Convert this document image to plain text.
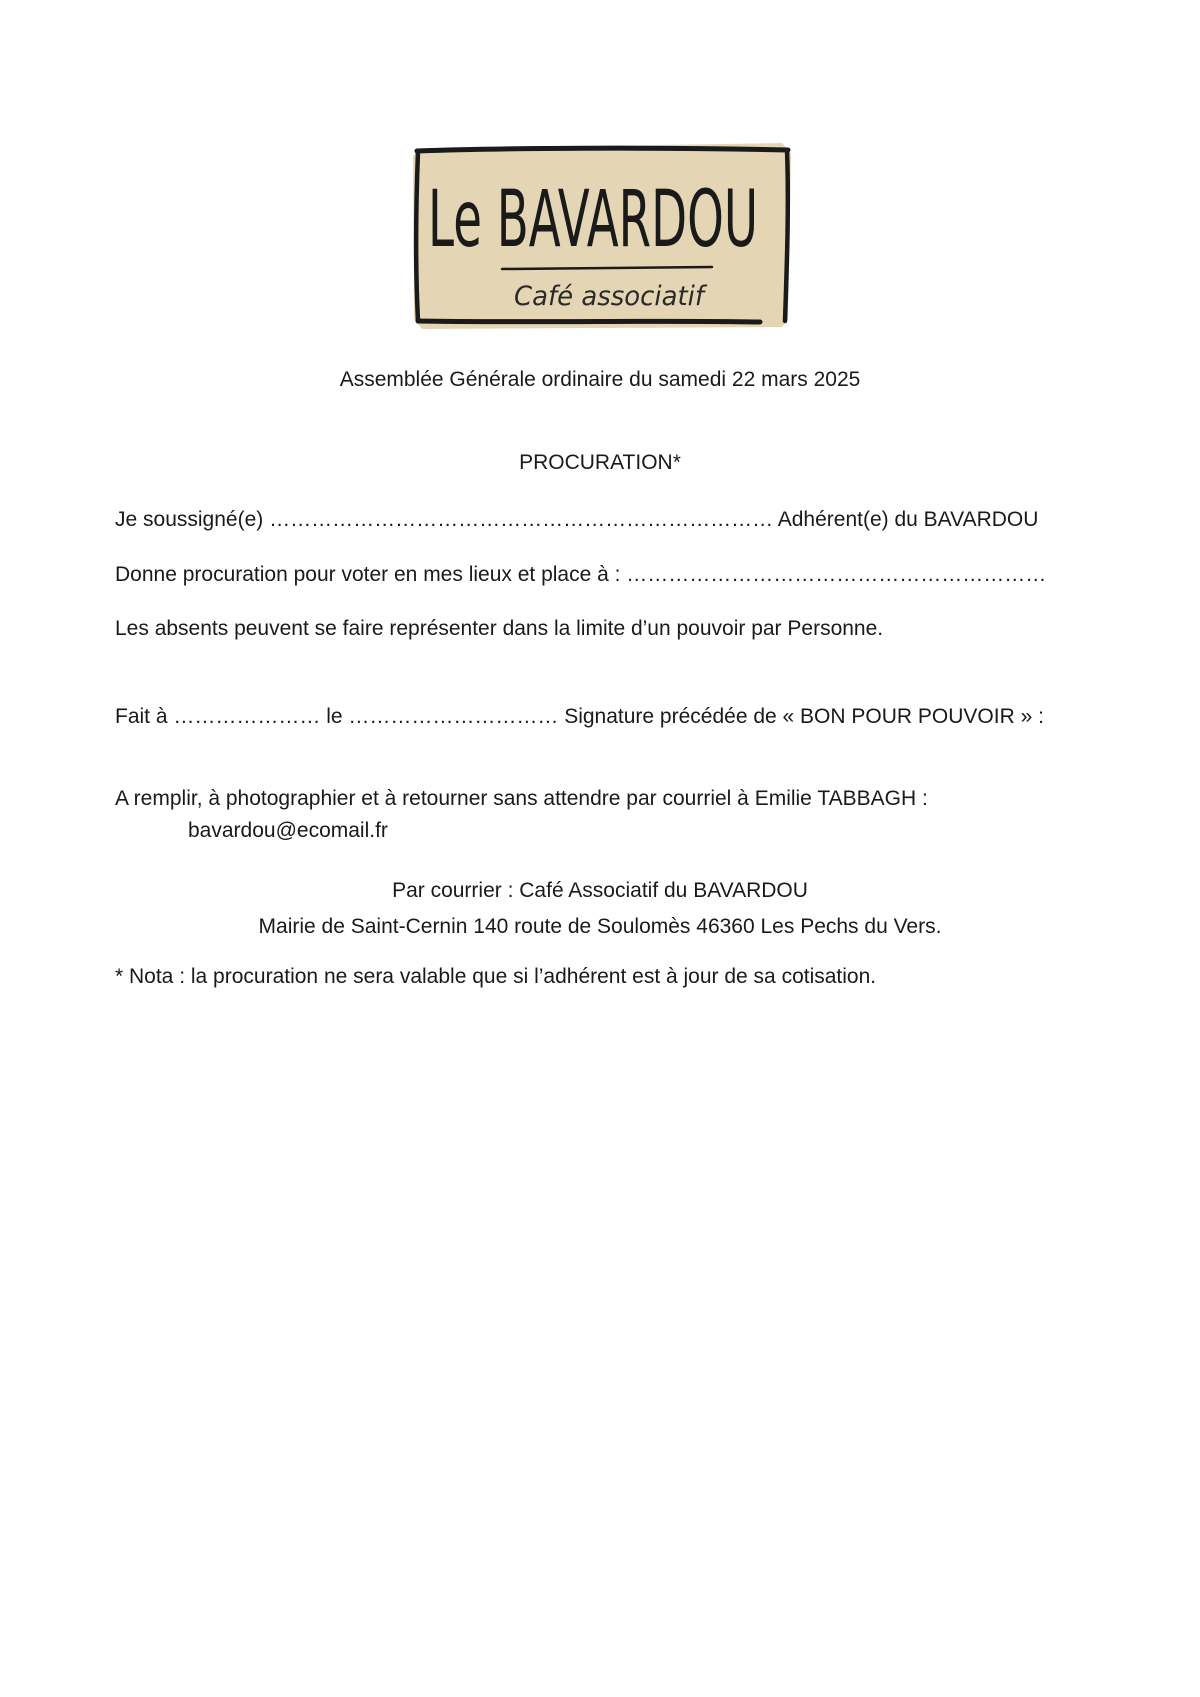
Le BAVARDOU
Café associatif
Assemblée Générale ordinaire du samedi 22 mars 2025
PROCURATION*
Je soussigné(e) ……………………………………………………………… Adhérent(e) du BAVARDOU
Donne procuration pour voter en mes lieux et place à : ……………………………………………………
Les absents peuvent se faire représenter dans la limite d’un pouvoir par Personne.
Fait à ………………… le ………………………… Signature précédée de « BON POUR POUVOIR » :
A remplir, à photographier et à retourner sans attendre par courriel à Emilie TABBAGH :
bavardou@ecomail.fr
Par courrier : Café Associatif du BAVARDOU
Mairie de Saint-Cernin 140 route de Soulomès 46360 Les Pechs du Vers.
* Nota : la procuration ne sera valable que si l’adhérent est à jour de sa cotisation.
